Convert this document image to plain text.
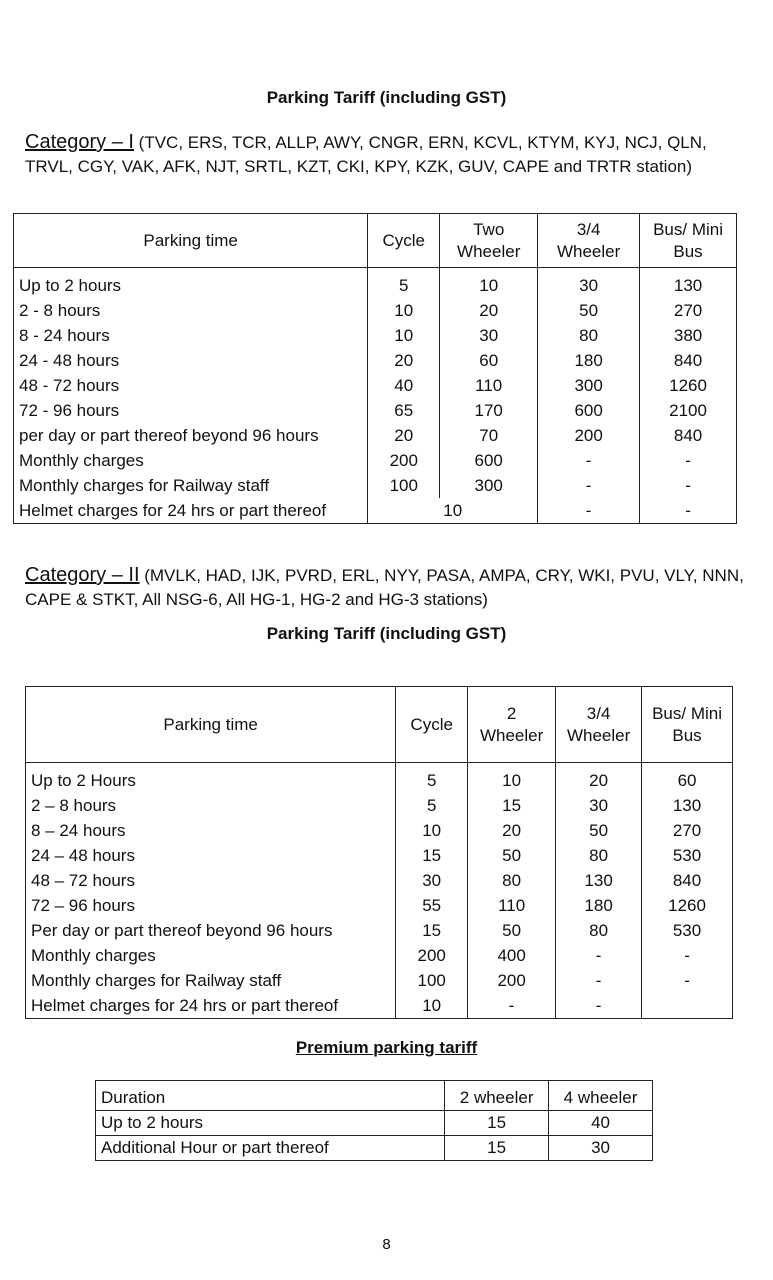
Parking Tariff (including GST)

Category – I (TVC, ERS, TCR, ALLP, AWY, CNGR, ERN, KCVL, KTYM, KYJ, NCJ, QLN, TRVL, CGY, VAK, AFK, NJT, SRTL, KZT, CKI, KPY, KZK, GUV, CAPE and TRTR station)

Parking time	Cycle	Two Wheeler	3/4 Wheeler	Bus/ Mini Bus
Up to 2 hours	5	10	30	130
2 - 8 hours	10	20	50	270
8 - 24 hours	10	30	80	380
24 - 48 hours	20	60	180	840
48 - 72 hours	40	110	300	1260
72 - 96 hours	65	170	600	2100
per day or part thereof beyond 96 hours	20	70	200	840
Monthly charges	200	600	-	-
Monthly charges for Railway staff	100	300	-	-
Helmet charges for 24 hrs or part thereof	10		-	-

Category – II (MVLK, HAD, IJK, PVRD, ERL, NYY, PASA, AMPA, CRY, WKI, PVU, VLY, NNN, CAPE & STKT, All NSG-6, All HG-1, HG-2 and HG-3 stations)

Parking Tariff (including GST)
Parking time	Cycle	2 Wheeler	3/4 Wheeler	Bus/ Mini Bus
Up to 2 Hours	5	10	20	60
2 – 8 hours	5	15	30	130
8 – 24 hours	10	20	50	270
24 – 48 hours	15	50	80	530
48 – 72 hours	30	80	130	840
72 – 96 hours	55	110	180	1260
Per day or part thereof beyond 96 hours	15	50	80	530
Monthly charges	200	400	-	-
Monthly charges for Railway staff	100	200	-	-
Helmet charges for 24 hrs or part thereof	10	-	-	
Premium parking tariff
Duration	2 wheeler	4 wheeler
Up to 2 hours	15	40
Additional Hour or part thereof	15	30
8
